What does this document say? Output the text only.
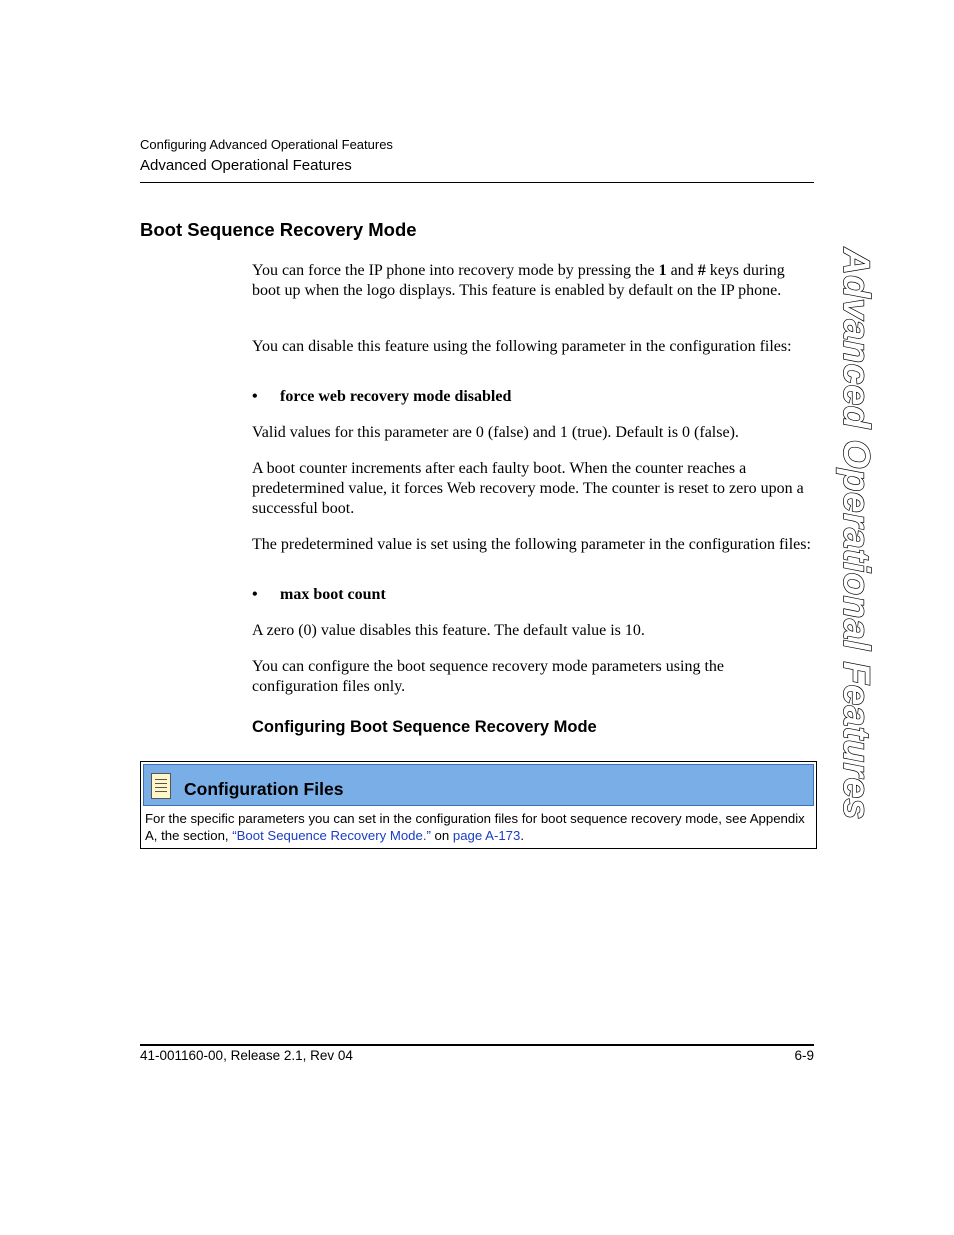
Configuring Advanced Operational Features
Advanced Operational Features
Advanced Operational Features
Boot Sequence Recovery Mode

You can force the IP phone into recovery mode by pressing the 1 and # keys during boot up when the logo displays. This feature is enabled by default on the IP phone.

You can disable this feature using the following parameter in the configuration files:
• force web recovery mode disabled
Valid values for this parameter are 0 (false) and 1 (true). Default is 0 (false).
A boot counter increments after each faulty boot. When the counter reaches a predetermined value, it forces Web recovery mode. The counter is reset to zero upon a successful boot.
The predetermined value is set using the following parameter in the configuration files:
• max boot count
A zero (0) value disables this feature. The default value is 10.
You can configure the boot sequence recovery mode parameters using the configuration files only.
Configuring Boot Sequence Recovery Mode
Configuration Files
For the specific parameters you can set in the configuration files for boot sequence recovery mode, see Appendix A, the section, “Boot Sequence Recovery Mode.” on page A-173.
41-001160-00, Release 2.1, Rev 04	6-9
